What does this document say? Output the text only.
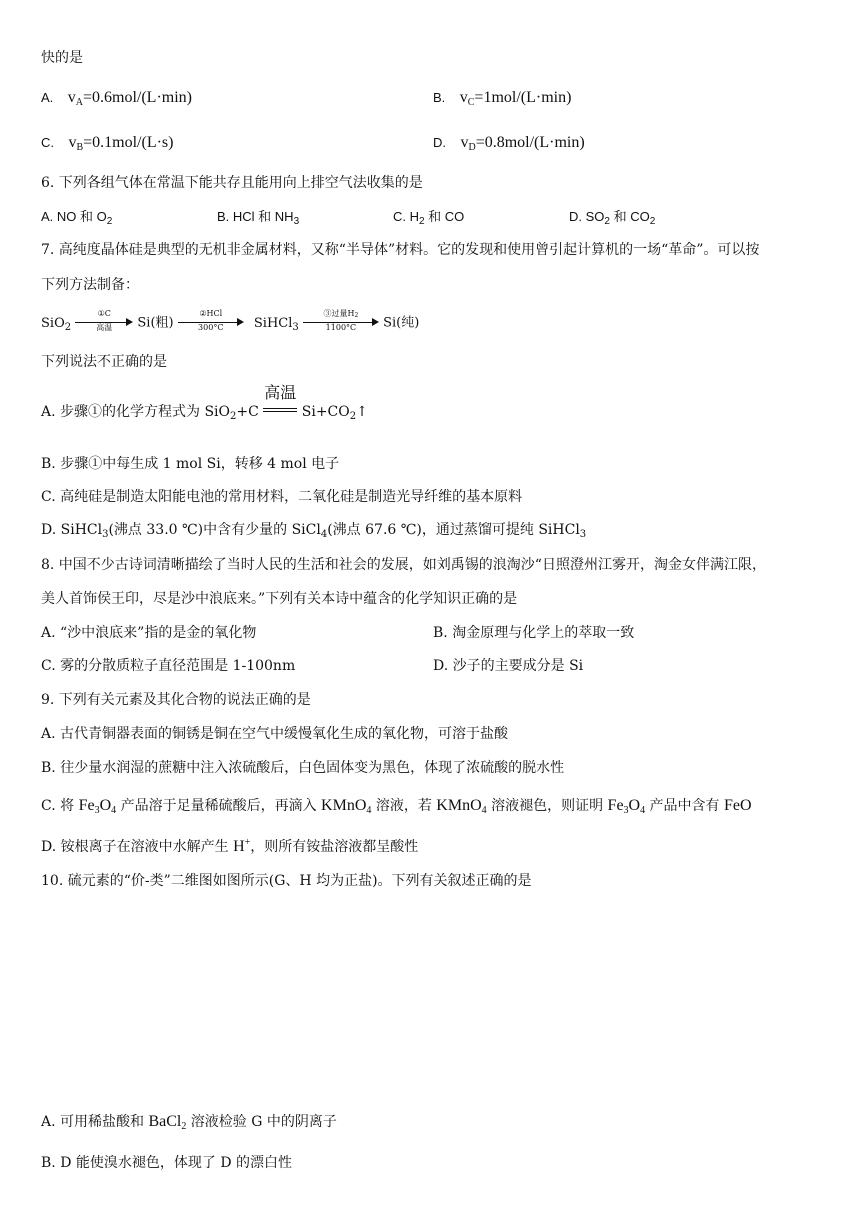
快的是
A. $v_A=0.6mol/(L\cdot\min)$	B. $v_C=1mol/(L\cdot\min)$
C. $v_B=0.1mol/(L\cdot s)$	D. $v_D=0.8mol/(L\cdot\min)$
6. 下列各组气体在常温下能共存且能用向上排空气法收集的是
A. NO 和 $O_2$	B. HCl 和 $NH_3$	C. $H_2$ 和 CO	D. $SO_2$ 和 $CO_2$
7. 高纯度晶体硅是典型的无机非金属材料，又称“半导体”材料。它的发现和使用曾引起计算机的一场“革命”。可以按
下列方法制备：
SiO$_2$
①C
高温	Si(粗)
②HCl
300°C	SiHCl$_3$
③过量$H_2$
1100°C	Si(纯)
下列说法不正确的是
A. 步骤①的化学方程式为 SiO$_2$+C
高温
$Si+CO_2↑$
B. 步骤①中每生成 1 mol Si，转移 4 mol 电子
C. 高纯硅是制造太阳能电池的常用材料，二氧化硅是制造光导纤维的基本原料
D. SiHCl$_3$(沸点 33.0 ℃)中含有少量的 SiCl$_4$(沸点 67.6 ℃)，通过蒸馏可提纯 SiHCl$_3$
8. 中国不少古诗词清晰描绘了当时人民的生活和社会的发展，如刘禹锡的浪淘沙“日照澄州江雾开，淘金女伴满江限，
美人首饰侯王印，尽是沙中浪底来。”下列有关本诗中蕴含的化学知识正确的是
A. “沙中浪底来”指的是金的氧化物	B. 淘金原理与化学上的萃取一致
C. 雾的分散质粒子直径范围是 1-100nm	D. 沙子的主要成分是 Si
9. 下列有关元素及其化合物的说法正确的是
A. 古代青铜器表面的铜锈是铜在空气中缓慢氧化生成的氧化物，可溶于盐酸
B. 往少量水润湿的蔗糖中注入浓硫酸后，白色固体变为黑色，体现了浓硫酸的脱水性
C. 将 $Fe_3O_4$ 产品溶于足量稀硫酸后，再滴入 KMnO$_4$ 溶液，若 KMnO$_4$ 溶液褪色，则证明 $Fe_3O_4$ 产品中含有 FeO
D. 铵根离子在溶液中水解产生 H+，则所有铵盐溶液都呈酸性
10. 硫元素的“价-类”二维图如图所示(G、H 均为正盐)。下列有关叙述正确的是
A. 可用稀盐酸和 BaCl$_2$ 溶液检验 G 中的阴离子
B. D 能使溴水褪色，体现了 D 的漂白性
